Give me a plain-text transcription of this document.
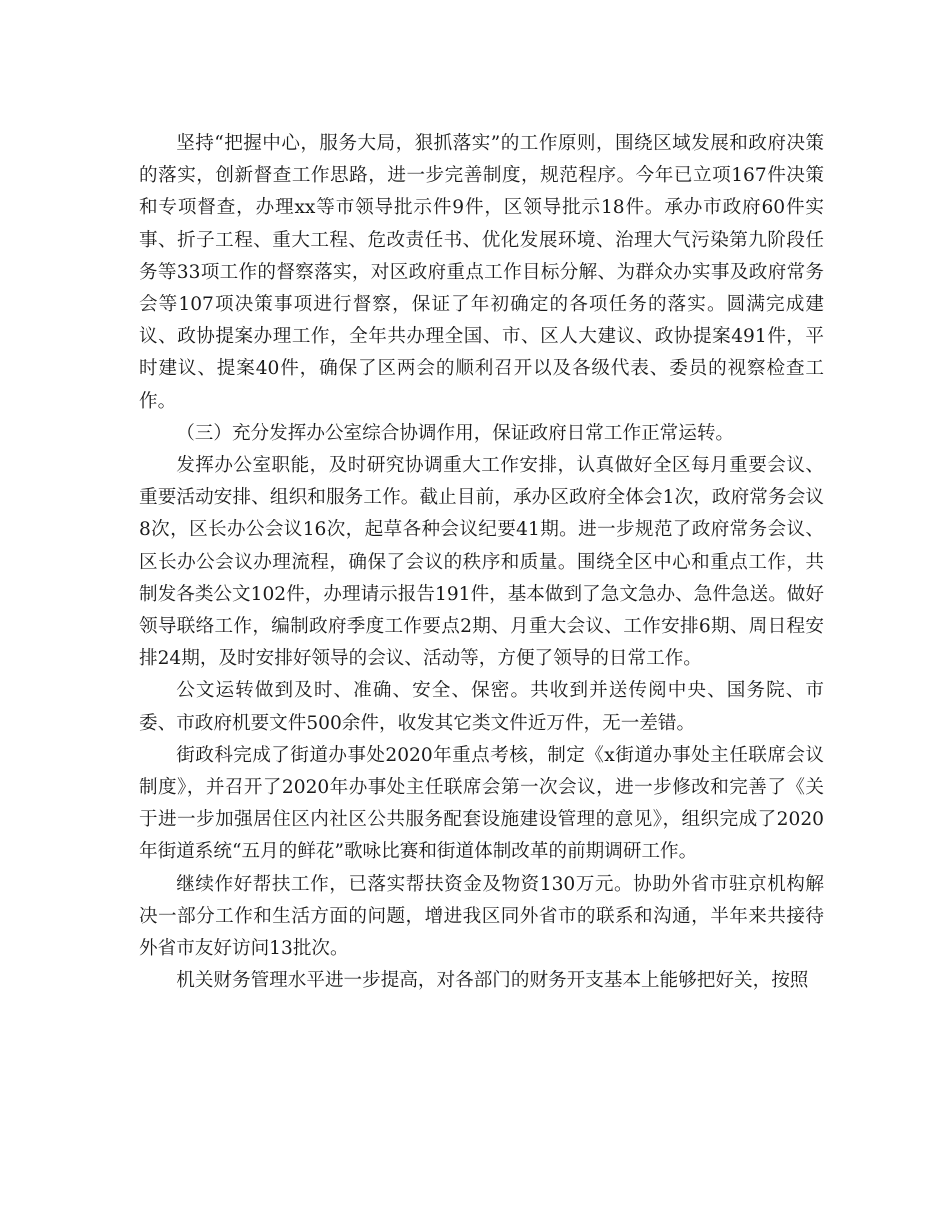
坚持“把握中心，服务大局，狠抓落实”的工作原则，围绕区域发展和政府决策的落实，创新督查工作思路，进一步完善制度，规范程序。今年已立项167件决策和专项督查，办理xx等市领导批示件9件，区领导批示18件。承办市政府60件实事、折子工程、重大工程、危改责任书、优化发展环境、治理大气污染第九阶段任务等33项工作的督察落实，对区政府重点工作目标分解、为群众办实事及政府常务会等107项决策事项进行督察，保证了年初确定的各项任务的落实。圆满完成建议、政协提案办理工作，全年共办理全国、市、区人大建议、政协提案491件，平时建议、提案40件，确保了区两会的顺利召开以及各级代表、委员的视察检查工作。

（三）充分发挥办公室综合协调作用，保证政府日常工作正常运转。

发挥办公室职能，及时研究协调重大工作安排，认真做好全区每月重要会议、重要活动安排、组织和服务工作。截止目前，承办区政府全体会1次，政府常务会议8次，区长办公会议16次，起草各种会议纪要41期。进一步规范了政府常务会议、区长办公会议办理流程，确保了会议的秩序和质量。围绕全区中心和重点工作，共制发各类公文102件，办理请示报告191件，基本做到了急文急办、急件急送。做好领导联络工作，编制政府季度工作要点2期、月重大会议、工作安排6期、周日程安排24期，及时安排好领导的会议、活动等，方便了领导的日常工作。

公文运转做到及时、准确、安全、保密。共收到并送传阅中央、国务院、市委、市政府机要文件500余件，收发其它类文件近万件，无一差错。

街政科完成了街道办事处2020年重点考核，制定《x街道办事处主任联席会议制度》，并召开了2020年办事处主任联席会第一次会议，进一步修改和完善了《关于进一步加强居住区内社区公共服务配套设施建设管理的意见》，组织完成了2020年街道系统“五月的鲜花”歌咏比赛和街道体制改革的前期调研工作。

继续作好帮扶工作，已落实帮扶资金及物资130万元。协助外省市驻京机构解决一部分工作和生活方面的问题，增进我区同外省市的联系和沟通，半年来共接待外省市友好访问13批次。

机关财务管理水平进一步提高，对各部门的财务开支基本上能够把好关，按照
